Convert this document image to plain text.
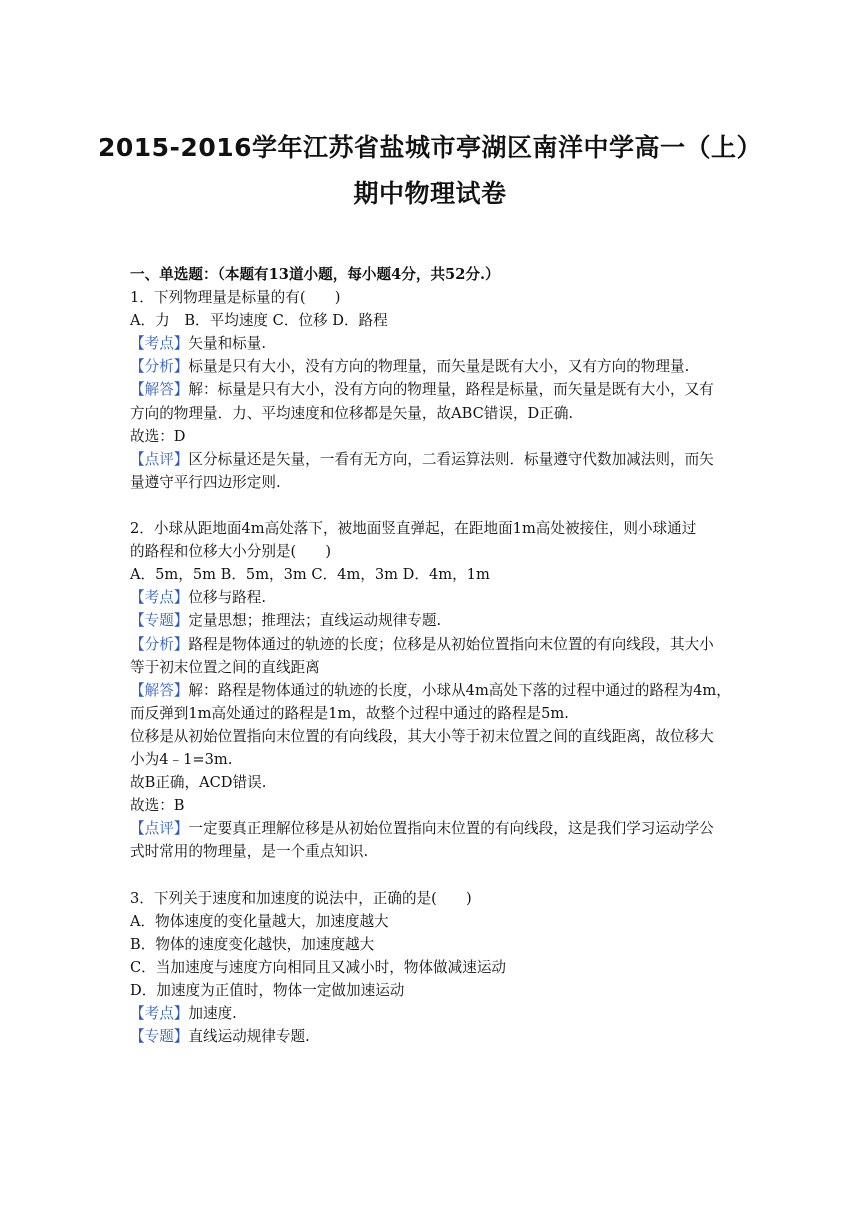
2015-2016学年江苏省盐城市亭湖区南洋中学高一（上）
期中物理试卷

一、单选题：（本题有13道小题，每小题4分，共52分.）

1．下列物理量是标量的有(　　)

A．力　B．平均速度 C．位移 D．路程

【考点】矢量和标量.

【分析】标量是只有大小，没有方向的物理量，而矢量是既有大小，又有方向的物理量.

【解答】解：标量是只有大小，没有方向的物理量，路程是标量，而矢量是既有大小，又有

方向的物理量．力、平均速度和位移都是矢量，故ABC错误，D正确.

故选：D

【点评】区分标量还是矢量，一看有无方向，二看运算法则．标量遵守代数加减法则，而矢

量遵守平行四边形定则.

2．小球从距地面4m高处落下，被地面竖直弹起，在距地面1m高处被接住，则小球通过

的路程和位移大小分别是(　　)

A．5m，5m B．5m，3m C．4m，3m D．4m，1m

【考点】位移与路程.

【专题】定量思想；推理法；直线运动规律专题.

【分析】路程是物体通过的轨迹的长度；位移是从初始位置指向末位置的有向线段，其大小

等于初末位置之间的直线距离

【解答】解：路程是物体通过的轨迹的长度，小球从4m高处下落的过程中通过的路程为4m，

而反弹到1m高处通过的路程是1m，故整个过程中通过的路程是5m.

位移是从初始位置指向末位置的有向线段，其大小等于初末位置之间的直线距离，故位移大

小为4﹣1=3m.

故B正确，ACD错误.

故选：B

【点评】一定要真正理解位移是从初始位置指向末位置的有向线段，这是我们学习运动学公

式时常用的物理量，是一个重点知识.

3．下列关于速度和加速度的说法中，正确的是(　　)

A．物体速度的变化量越大，加速度越大

B．物体的速度变化越快，加速度越大

C．当加速度与速度方向相同且又减小时，物体做减速运动

D．加速度为正值时，物体一定做加速运动

【考点】加速度.

【专题】直线运动规律专题.
